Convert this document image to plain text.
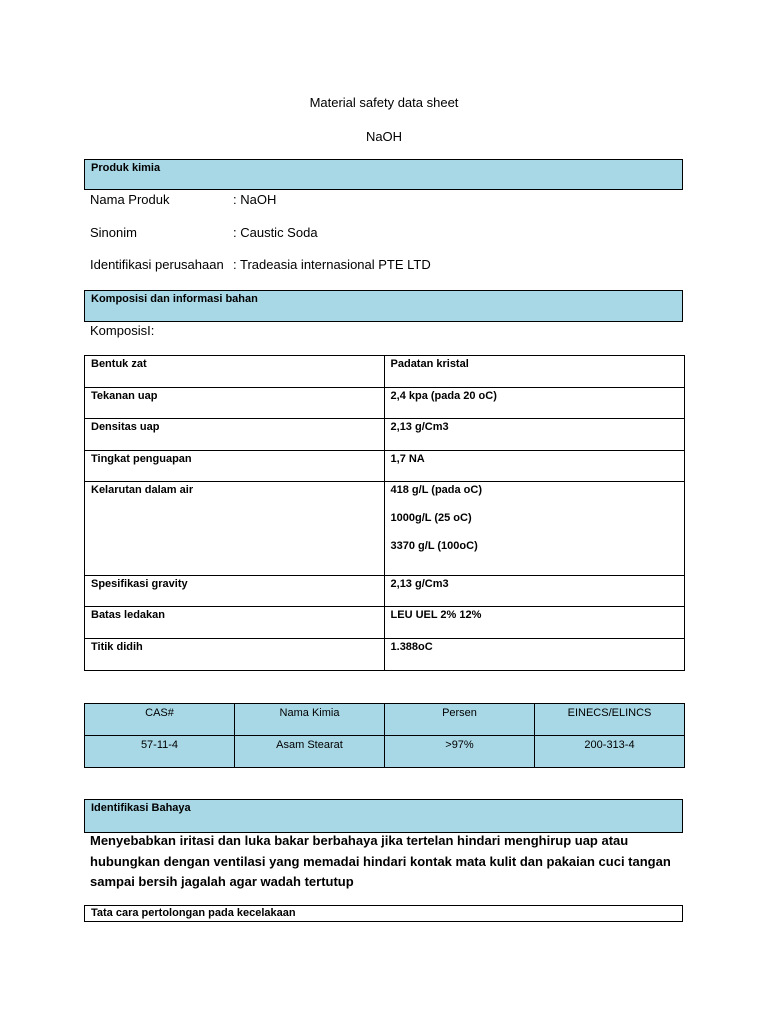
Material safety data sheet
NaOH
Produk kimia
Nama Produk	: NaOH
Sinonim	: Caustic Soda
Identifikasi perusahaan : Tradeasia internasional PTE LTD
Komposisi dan informasi bahan
KomposisI:
Bentuk zat	Padatan kristal
Tekanan uap	2,4 kpa (pada 20 oC)
Densitas uap	2,13 g/Cm3
Tingkat penguapan	1,7 NA
Kelarutan dalam air	418 g/L (pada oC)

1000g/L (25 oC)

3370 g/L (100oC)

Spesifikasi gravity	2,13 g/Cm3
Batas ledakan	LEU UEL 2% 12%
Titik didih	1.388oC
CAS#	Nama Kimia	Persen	EINECS/ELINCS
57-11-4	Asam Stearat	>97%	200-313-4
Identifikasi Bahaya
Menyebabkan iritasi dan luka bakar berbahaya jika tertelan hindari menghirup uap atau hubungkan dengan ventilasi yang memadai hindari kontak mata kulit dan pakaian cuci tangan sampai bersih jagalah agar wadah tertutup
Tata cara pertolongan pada kecelakaan
